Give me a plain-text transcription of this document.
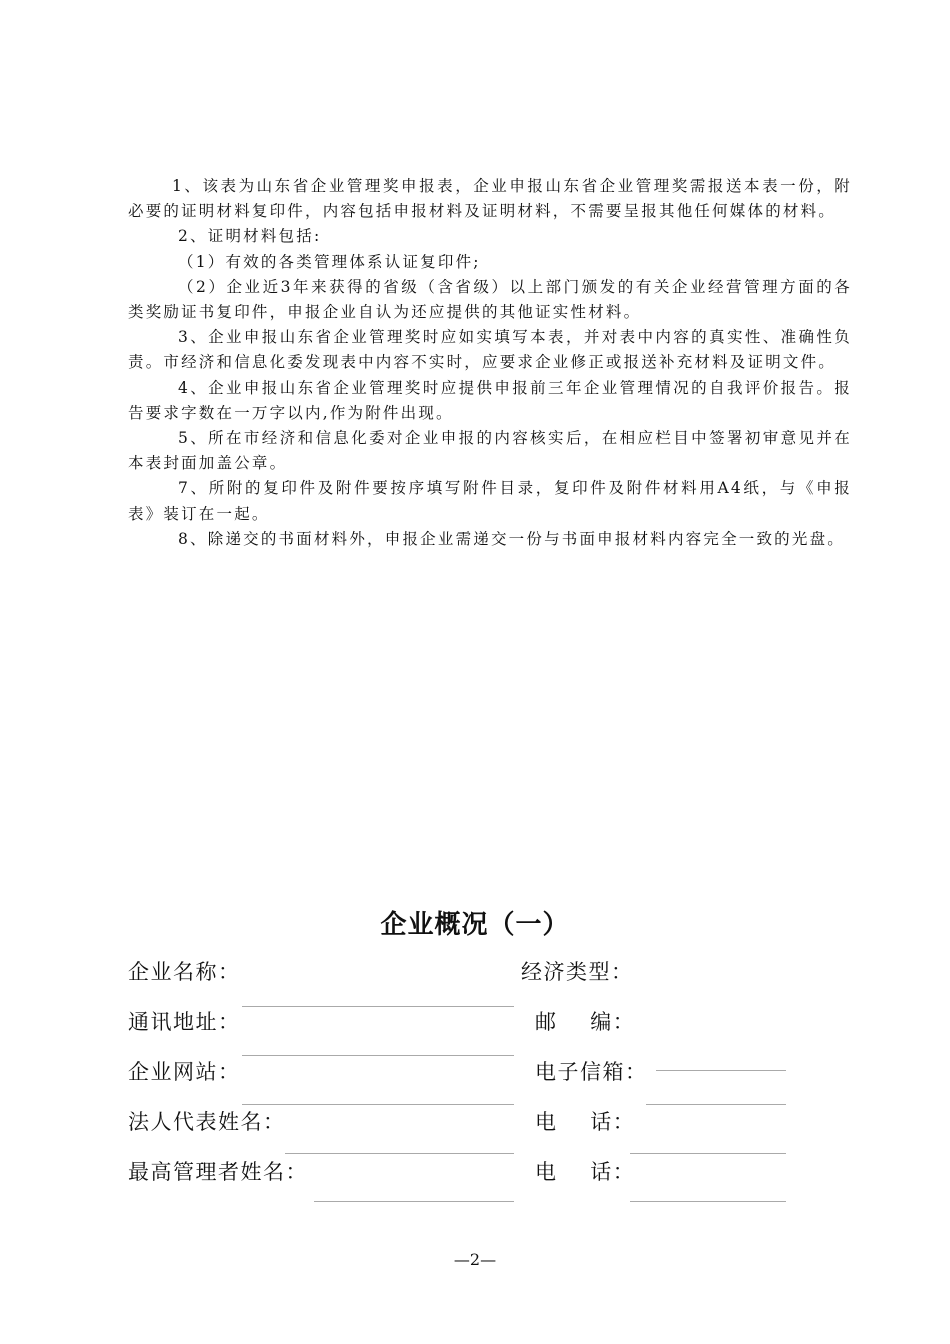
1、该表为山东省企业管理奖申报表，企业申报山东省企业管理奖需报送本表一份，附必要的证明材料复印件，内容包括申报材料及证明材料，不需要呈报其他任何媒体的材料。

2、证明材料包括:

（1）有效的各类管理体系认证复印件;

（2）企业近3年来获得的省级（含省级）以上部门颁发的有关企业经营管理方面的各类奖励证书复印件，申报企业自认为还应提供的其他证实性材料。

3、企业申报山东省企业管理奖时应如实填写本表，并对表中内容的真实性、准确性负责。市经济和信息化委发现表中内容不实时，应要求企业修正或报送补充材料及证明文件。

4、企业申报山东省企业管理奖时应提供申报前三年企业管理情况的自我评价报告。报告要求字数在一万字以内,作为附件出现。

5、所在市经济和信息化委对企业申报的内容核实后，在相应栏目中签署初审意见并在本表封面加盖公章。

7、所附的复印件及附件要按序填写附件目录，复印件及附件材料用A4纸，与《申报表》装订在一起。

8、除递交的书面材料外，申报企业需递交一份与书面申报材料内容完全一致的光盘。

企业概况（一）
企业名称：	经济类型：
通讯地址：	邮    编：
企业网站：	电子信箱：
法人代表姓名：	电    话：
最高管理者姓名：	电    话：
—2—
